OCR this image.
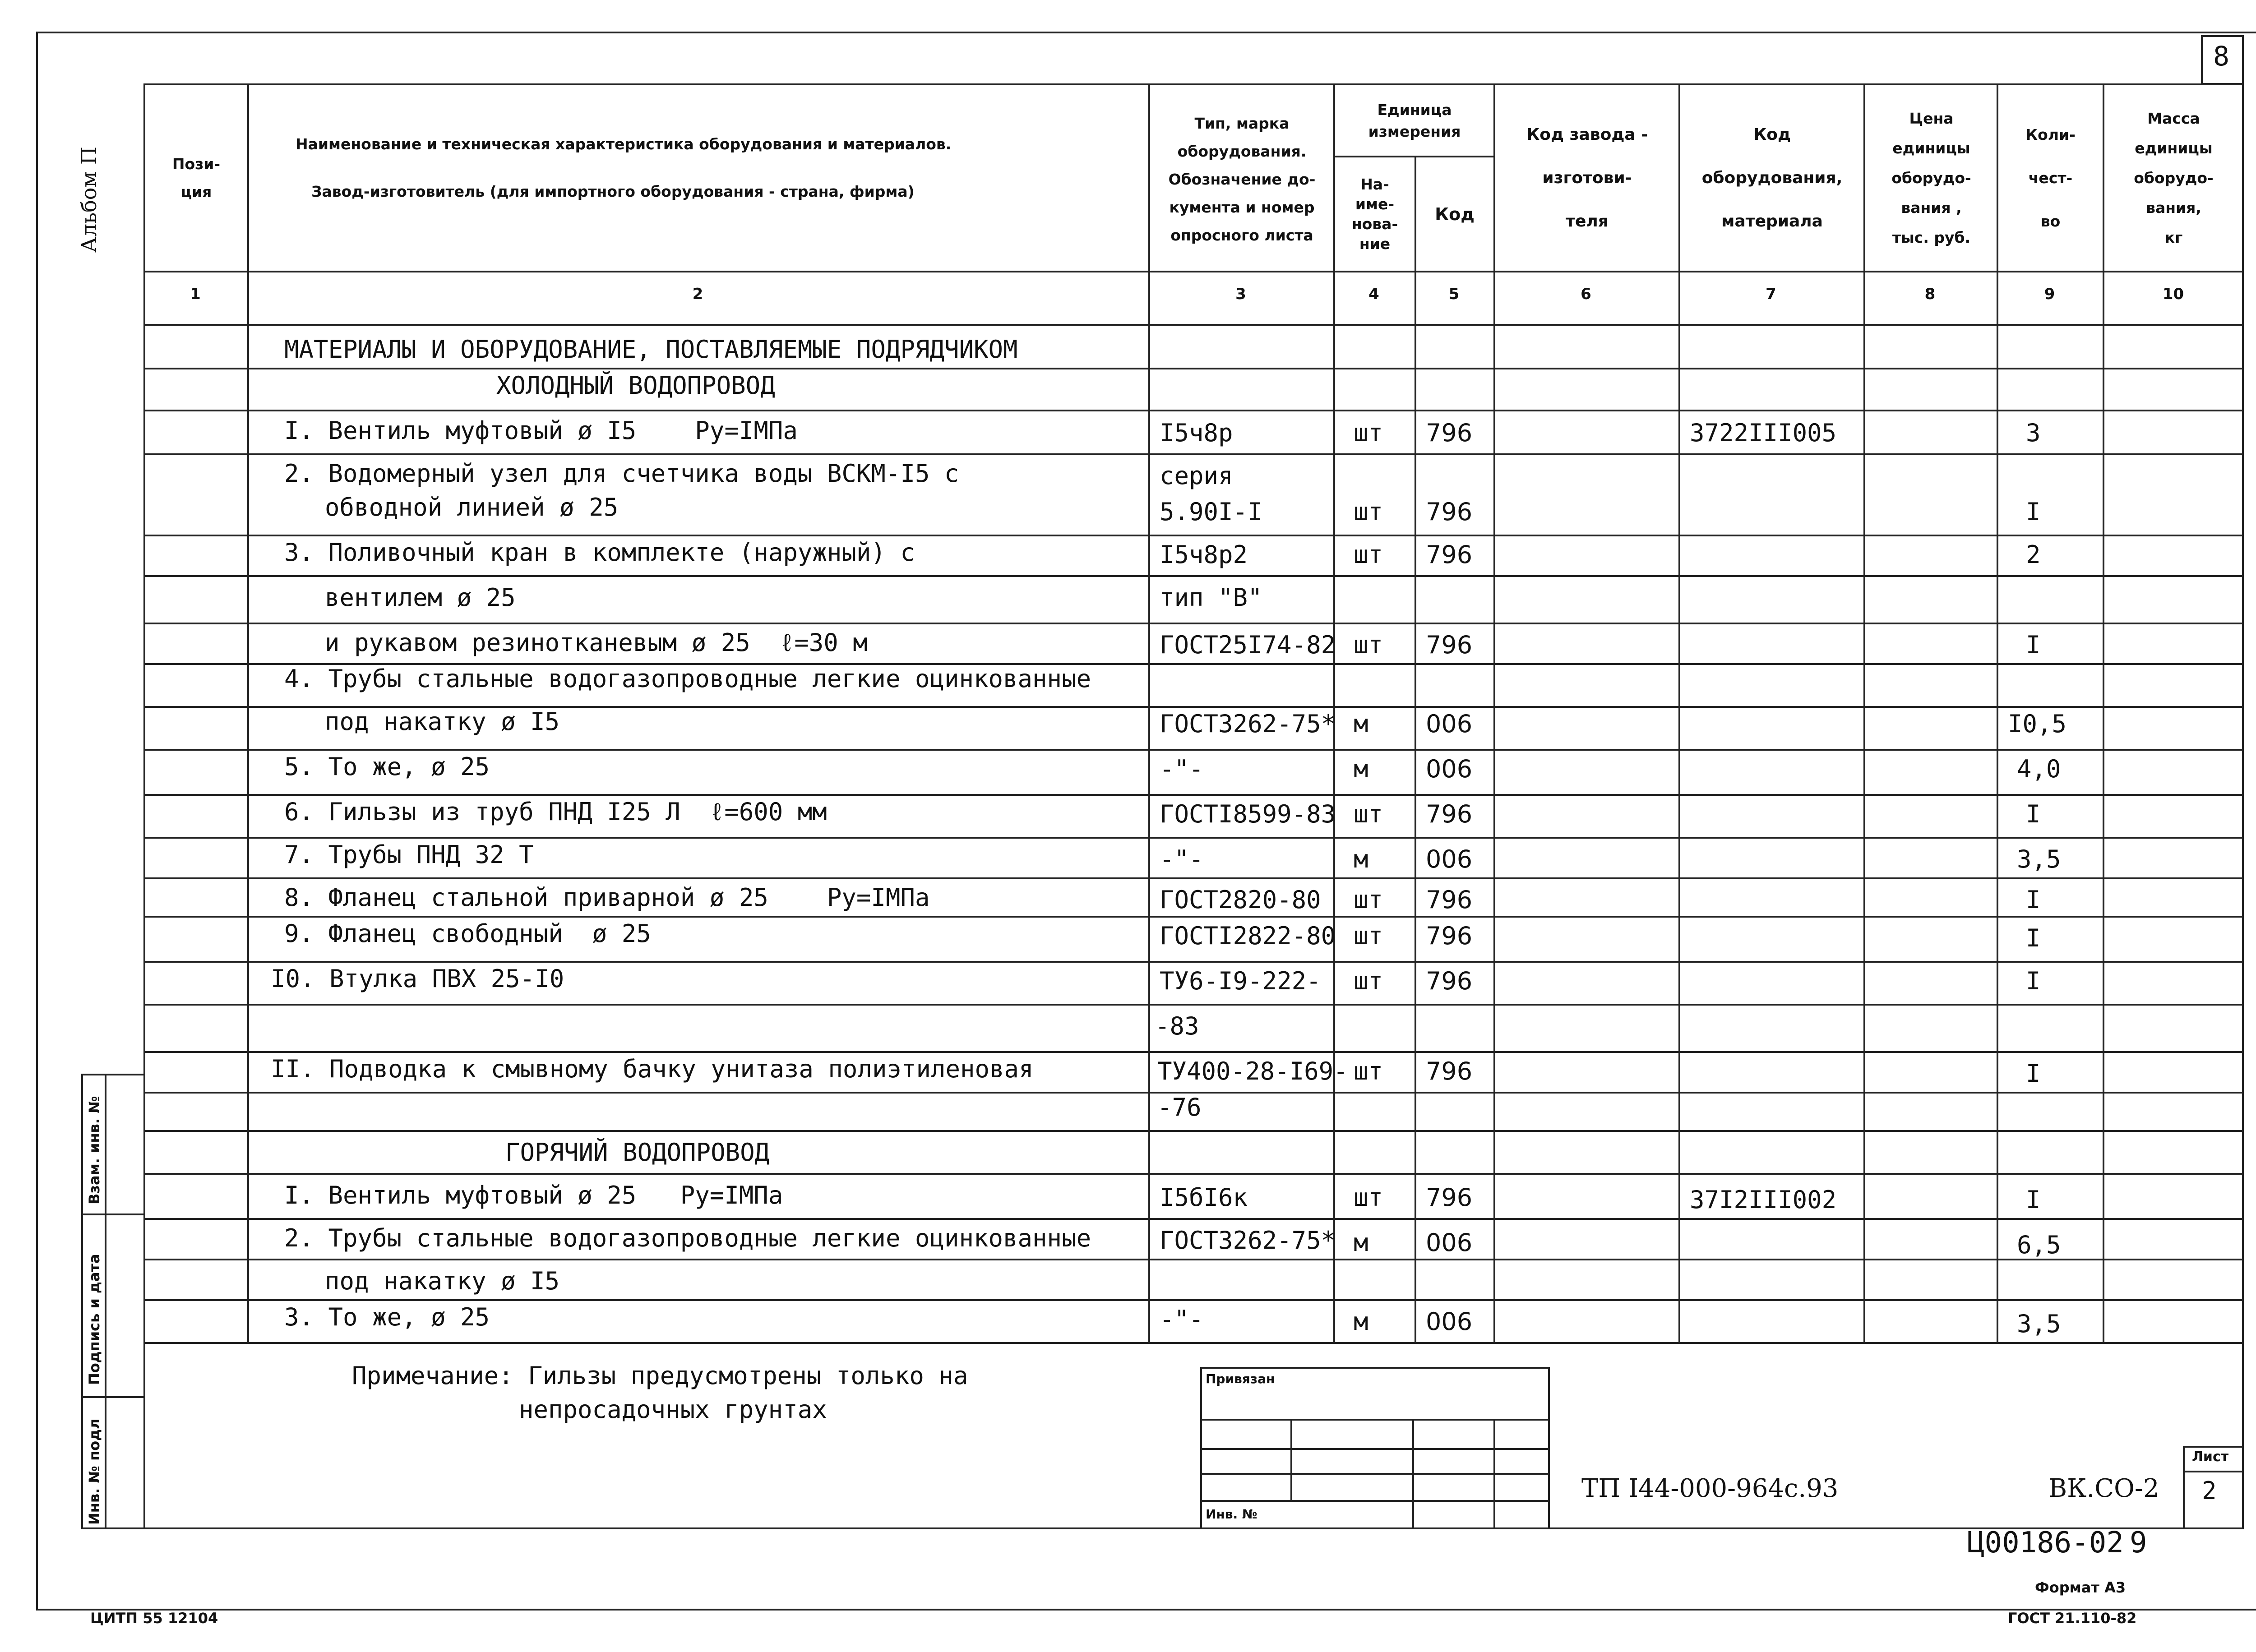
8
Альбом П
Взам. инв. №
Подпись и дата
Инв. № подл
Пози-
ция
Наименование и техническая характеристика оборудования и материалов.
Завод-изготовитель (для импортного оборудования - страна, фирма)
Тип, марка
оборудования.
Обозначение до-
кумента и номер
опросного листа
Единица
измерения
На-
име-
нова-
ние
Код
Код завода -
изготови-
теля
Код
оборудования,
материала
Цена
единицы
оборудо-
вания ,
тыс. руб.
Коли-
чест-
во
Масса
единицы
оборудо-
вания,
кг
1	2	3	4	5	6	7	8	9	10
МАТЕРИАЛЫ И ОБОРУДОВАНИЕ, ПОСТАВЛЯЕМЫЕ ПОДРЯДЧИКОМ
ХОЛОДНЫЙ ВОДОПРОВОД
I. Вентиль муфтовый ø I5    Ру=IМПа	I5ч8р	шт 796	3722III005	3
2. Водомерный узел для счетчика воды ВСКМ-I5 с	серия
обводной линией ø 25	5.90I-I	шт 796	I
3. Поливочный кран в комплекте (наружный) с	I5ч8р2	шт 796	2
вентилем ø 25	тип "В"
и рукавом резинотканевым ø 25  ℓ=30 м	ГОСТ25I74-82 шт 796	I
4. Трубы стальные водогазопроводные легкие оцинкованные
под накатку ø I5	ГОСТ3262-75* м 006	I0,5
5. То же, ø 25	-"-	м 006	4,0
6. Гильзы из труб ПНД I25 Л  ℓ=600 мм	ГОСТI8599-83 шт 796	I
7. Трубы ПНД 32 Т	-"-	м 006	3,5
8. Фланец стальной приварной ø 25    Ру=IМПа	ГОСТ2820-80 шт 796	I
9. Фланец свободный  ø 25	ГОСТI2822-80 шт 796	I
I0. Втулка ПВХ 25-I0	ТУ6-I9-222- шт 796	I
-83
II. Подводка к смывному бачку унитаза полиэтиленовая	ТУ400-28-I69- шт 796	I
-76
ГОРЯЧИЙ ВОДОПРОВОД
I. Вентиль муфтовый ø 25   Ру=IМПа	I5бI6к	шт 796	37I2III002	I
2. Трубы стальные водогазопроводные легкие оцинкованные	ГОСТ3262-75* м 006	6,5
под накатку ø I5
3. То же, ø 25	-"-	м 006	3,5
Примечание: Гильзы предусмотрены только на
непросадочных грунтах
Привязан
Инв. №
ТП I44-000-964с.93	ВК.СО-2
Лист
2
Ц00186-02 9
Формат А3
ГОСТ 21.110-82
ЦИТП 55 12104
